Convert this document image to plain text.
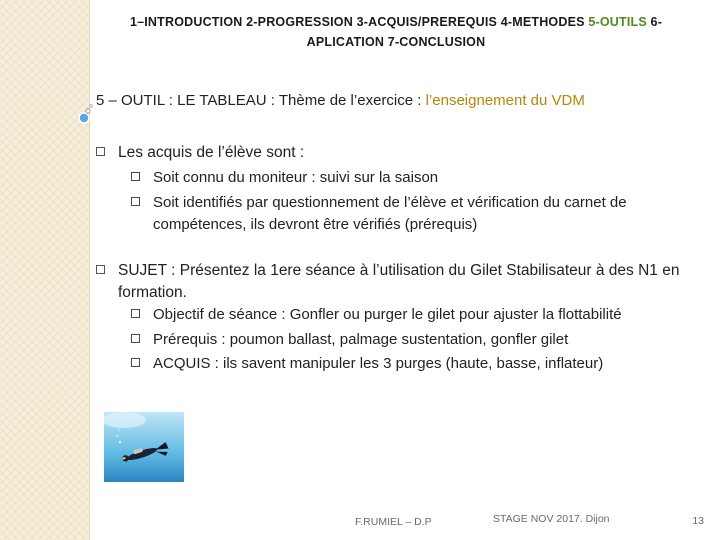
1–INTRODUCTION 2-PROGRESSION 3-ACQUIS/PREREQUIS 4-METHODES 5-OUTILS 6-
APLICATION 7-CONCLUSION
5 – OUTIL : LE TABLEAU : Thème de l’exercice : l’enseignement du VDM
Les acquis de l’élève sont :
Soit connu du moniteur : suivi sur la saison
Soit identifiés par questionnement de l’élève et vérification du carnet de compétences, ils devront être vérifiés (prérequis)
SUJET : Présentez la 1ere séance à l’utilisation du Gilet Stabilisateur à des N1 en formation.
Objectif de séance : Gonfler ou purger le gilet pour ajuster la flottabilité
Prérequis : poumon ballast, palmage sustentation, gonfler gilet
ACQUIS : ils savent manipuler les 3 purges (haute, basse, inflateur)
F.RUMIEL – D.P	STAGE NOV 2017. Dijon	13
